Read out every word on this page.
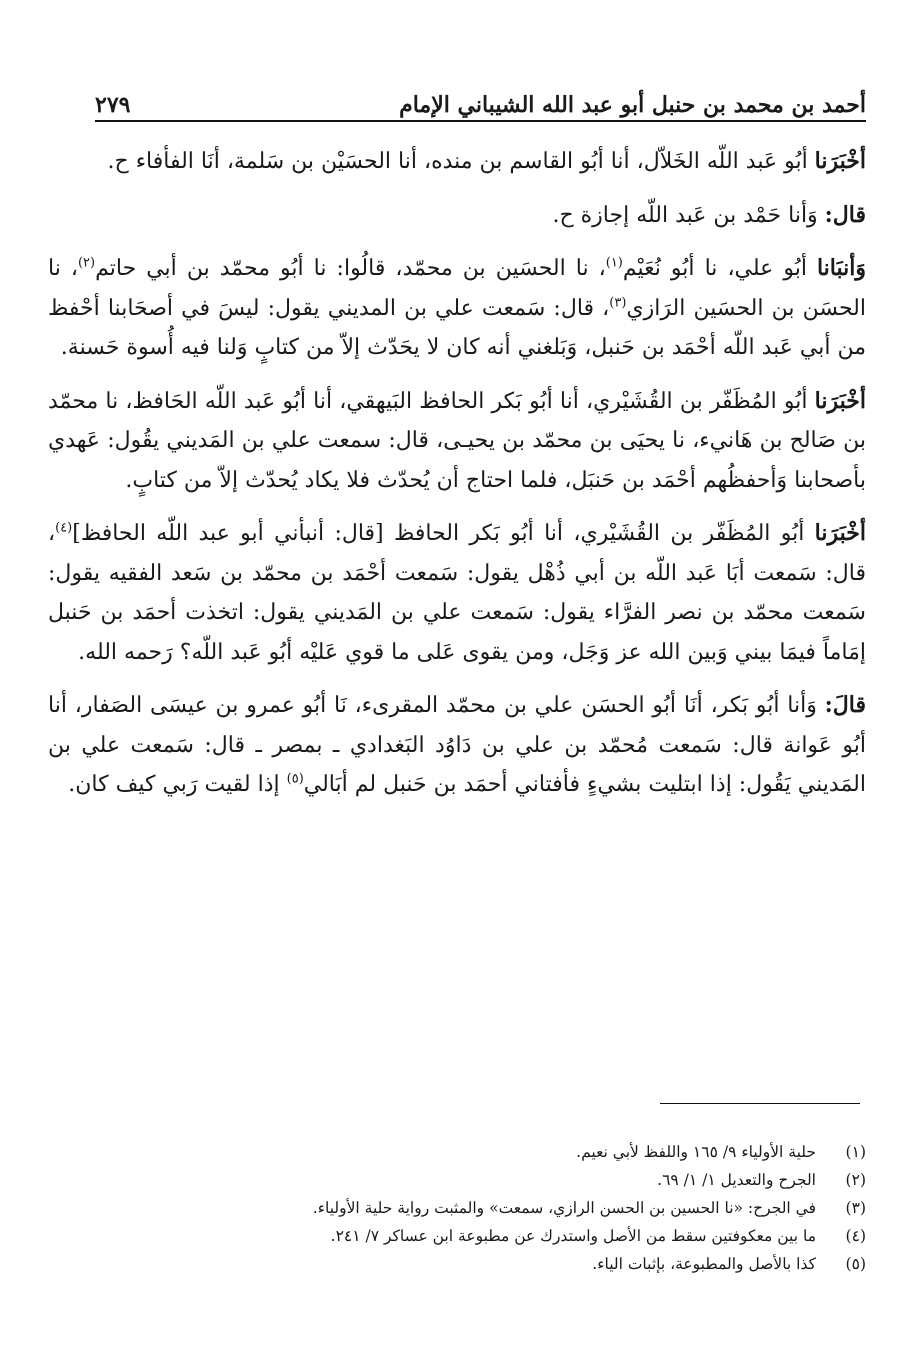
أحمد بن محمد بن حنبل أبو عبد الله الشيباني الإمام
٢٧٩

أخْبَرَنا أبُو عَبد اللّه الخَلاّل، أنا أبُو القاسم بن منده، أنا الحسَيْن بن سَلمة، أنَا الفأفاء ح.

قال: وَأنا حَمْد بن عَبد اللّه إجازة ح.

وَأنبَانا أبُو علي، نا أبُو نُعَيْم$^{(١)}$، نا الحسَين بن محمّد، قالُوا: نا أبُو محمّد بن أبي حاتم$^{(٢)}$، نا الحسَن بن الحسَين الرَازي$^{(٣)}$، قال: سَمعت علي بن المديني يقول: ليسَ في أصحَابنا أحْفظ من أبي عَبد اللّه أحْمَد بن حَنبل، وَبَلغني أنه كان لا يحَدّث إلاّ من كتابٍ وَلنا فيه أُسوة حَسنة.

أخْبَرَنا أبُو المُظَفّر بن القُشَيْري، أنا أبُو بَكر الحافظ البَيهقي، أنا أبُو عَبد اللّه الحَافظ، نا محمّد بن صَالح بن هَانيء، نا يحيَى بن محمّد بن يحيـى، قال: سمعت علي بن المَديني يقُول: عَهدي بأصحابنا وَأحفظُهم أحْمَد بن حَنبَل، فلما احتاج أن يُحدّث فلا يكاد يُحدّث إلاّ من كتابٍ.

أخْبَرَنا أبُو المُظَفّر بن القُشَيْري، أنا أبُو بَكر الحافظ [قال: أنبأني أبو عبد اللّه الحافظ]$^{(٤)}$، قال: سَمعت أبَا عَبد اللّه بن أبي ذُهْل يقول: سَمعت أحْمَد بن محمّد بن سَعد الفقيه يقول: سَمعت محمّد بن نصر الفرَّاء يقول: سَمعت علي بن المَديني يقول: اتخذت أحمَد بن حَنبل إمَاماً فيمَا بيني وَبين الله عز وَجَل، ومن يقوى عَلى ما قوي عَليْه أبُو عَبد اللّه؟ رَحمه الله.

قالَ: وَأنا أبُو بَكر، أنَا أبُو الحسَن علي بن محمّد المقرىء، نَا أبُو عمرو بن عيسَى الصَفار، أنا أبُو عَوانة قال: سَمعت مُحمّد بن علي بن دَاوُد البَغدادي ـ بمصر ـ قال: سَمعت علي بن المَديني يَقُول: إذا ابتليت بشيءٍ فأفتاني أحمَد بن حَنبل لم أبَالي$^{(٥)}$ إذا لقيت رَبي كيف كان.

(١)
حلية الأولياء ٩/ ١٦٥ واللفظ لأبي نعيم.
(٢)
الجرح والتعديل ١/ ١/ ٦٩.
(٣)
في الجرح: «نا الحسين بن الحسن الرازي، سمعت» والمثبت رواية حلية الأولياء.
(٤)
ما بين معكوفتين سقط من الأصل واستدرك عن مطبوعة ابن عساكر ٧/ ٢٤١.
(٥)
كذا بالأصل والمطبوعة، بإثبات الياء.
